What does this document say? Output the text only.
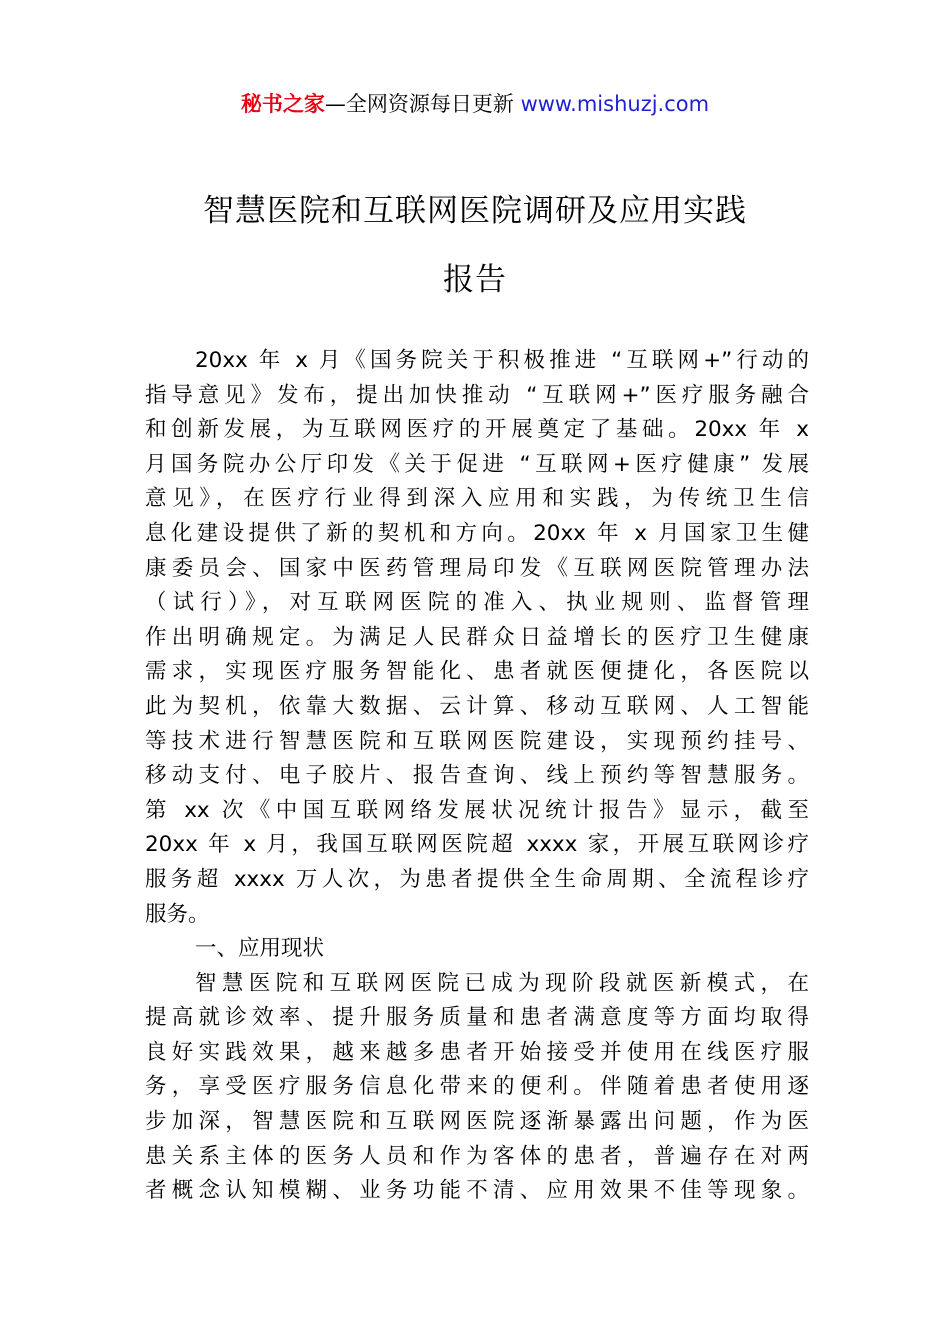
秘书之家—全网资源每日更新 www.mishuzj.com
智慧医院和互联网医院调研及应用实践
报告
20xx 年 x 月《国务院关于积极推进 “互联网+”行动的
指导意见》发布，提出加快推动 “互联网+”医疗服务融合
和创新发展，为互联网医疗的开展奠定了基础。20xx 年 x
月国务院办公厅印发《关于促进 “互联网+医疗健康” 发展
意见》，在医疗行业得到深入应用和实践，为传统卫生信
息化建设提供了新的契机和方向。20xx 年 x 月国家卫生健
康委员会、国家中医药管理局印发《互联网医院管理办法
（试行）》，对互联网医院的准入、执业规则、监督管理
作出明确规定。为满足人民群众日益增长的医疗卫生健康
需求，实现医疗服务智能化、患者就医便捷化，各医院以
此为契机，依靠大数据、云计算、移动互联网、人工智能
等技术进行智慧医院和互联网医院建设，实现预约挂号、
移动支付、电子胶片、报告查询、线上预约等智慧服务。
第 xx 次《中国互联网络发展状况统计报告》显示，截至
20xx 年 x 月，我国互联网医院超 xxxx 家，开展互联网诊疗
服务超 xxxx 万人次，为患者提供全生命周期、全流程诊疗
服务。
一、应用现状
智慧医院和互联网医院已成为现阶段就医新模式，在
提高就诊效率、提升服务质量和患者满意度等方面均取得
良好实践效果，越来越多患者开始接受并使用在线医疗服
务，享受医疗服务信息化带来的便利。伴随着患者使用逐
步加深，智慧医院和互联网医院逐渐暴露出问题，作为医
患关系主体的医务人员和作为客体的患者，普遍存在对两
者概念认知模糊、业务功能不清、应用效果不佳等现象。
